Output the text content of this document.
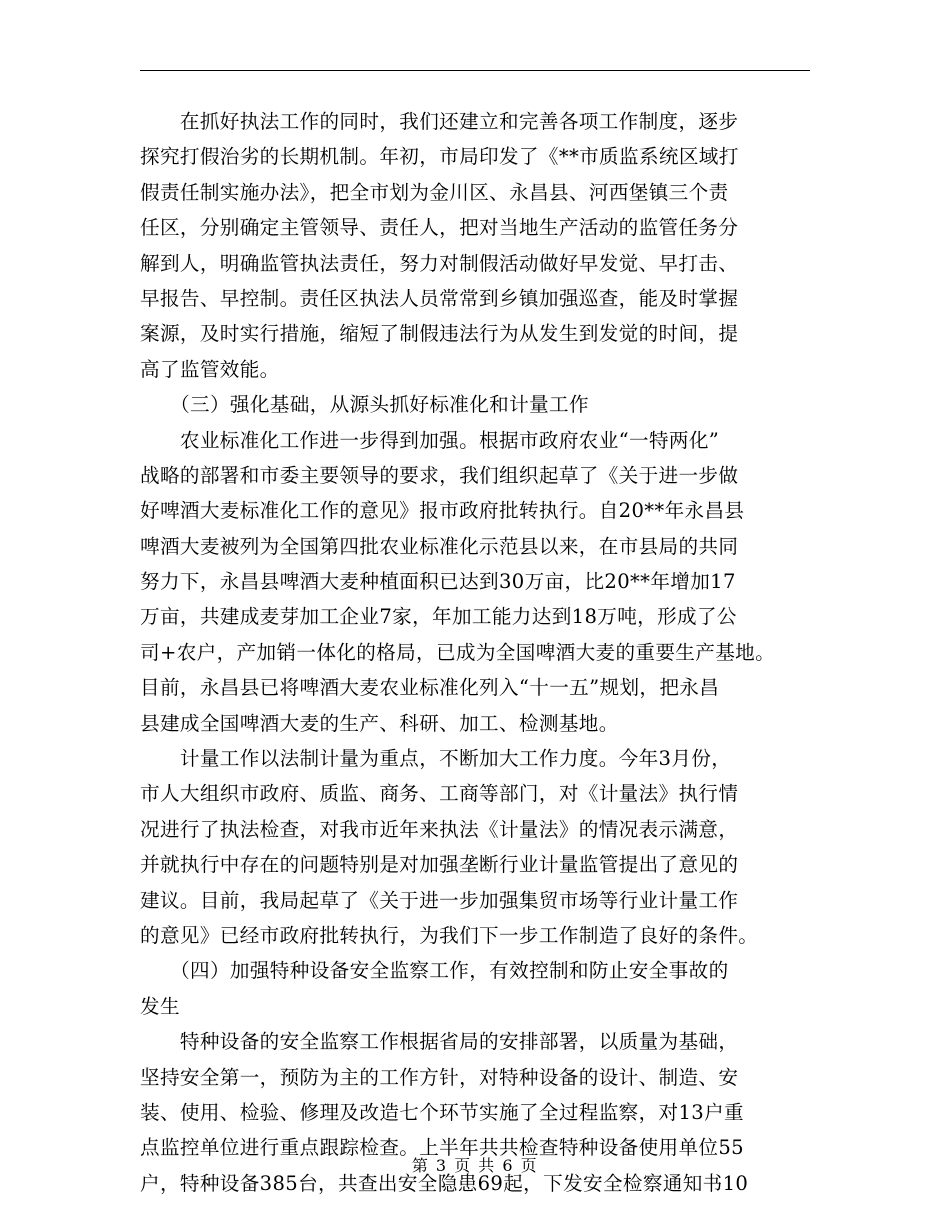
　　在抓好执法工作的同时，我们还建立和完善各项工作制度，逐步
探究打假治劣的长期机制。年初，市局印发了《**市质监系统区域打
假责任制实施办法》，把全市划为金川区、永昌县、河西堡镇三个责
任区，分别确定主管领导、责任人，把对当地生产活动的监管任务分
解到人，明确监管执法责任，努力对制假活动做好早发觉、早打击、
早报告、早控制。责任区执法人员常常到乡镇加强巡查，能及时掌握
案源，及时实行措施，缩短了制假违法行为从发生到发觉的时间，提
高了监管效能。
　　（三）强化基础，从源头抓好标准化和计量工作
　　农业标准化工作进一步得到加强。根据市政府农业“一特两化”
战略的部署和市委主要领导的要求，我们组织起草了《关于进一步做
好啤酒大麦标准化工作的意见》报市政府批转执行。自20**年永昌县
啤酒大麦被列为全国第四批农业标准化示范县以来，在市县局的共同
努力下，永昌县啤酒大麦种植面积已达到30万亩，比20**年增加17
万亩，共建成麦芽加工企业7家，年加工能力达到18万吨，形成了公
司+农户，产加销一体化的格局，已成为全国啤酒大麦的重要生产基地。
目前，永昌县已将啤酒大麦农业标准化列入“十一五”规划，把永昌
县建成全国啤酒大麦的生产、科研、加工、检测基地。
　　计量工作以法制计量为重点，不断加大工作力度。今年3月份，
市人大组织市政府、质监、商务、工商等部门，对《计量法》执行情
况进行了执法检查，对我市近年来执法《计量法》的情况表示满意，
并就执行中存在的问题特别是对加强垄断行业计量监管提出了意见的
建议。目前，我局起草了《关于进一步加强集贸市场等行业计量工作
的意见》已经市政府批转执行，为我们下一步工作制造了良好的条件。
　　（四）加强特种设备安全监察工作，有效控制和防止安全事故的
发生
　　特种设备的安全监察工作根据省局的安排部署，以质量为基础，
坚持安全第一，预防为主的工作方针，对特种设备的设计、制造、安
装、使用、检验、修理及改造七个环节实施了全过程监察，对13户重
点监控单位进行重点跟踪检查。上半年共共检查特种设备使用单位55
户，特种设备385台，共查出安全隐患69起，下发安全检察通知书10
第 3 页 共 6 页
